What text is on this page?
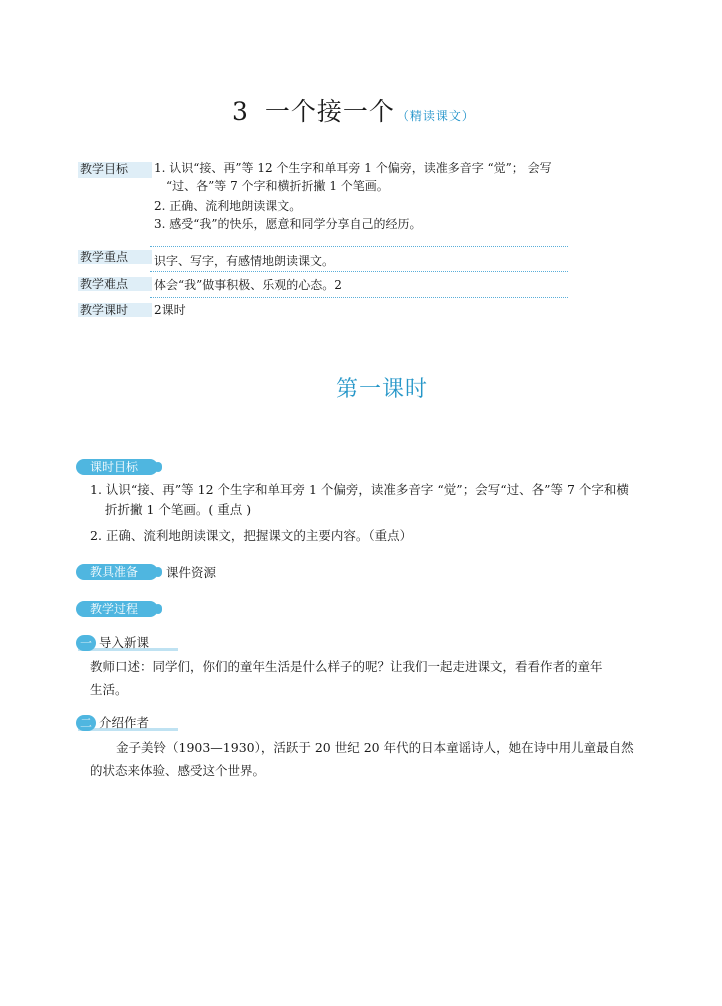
3 一个接一个 （精读课文）
教学目标	1. 认识“接、再”等 12 个生字和单耳旁 1 个偏旁，读准多音字 “觉”； 会写
“过、各”等 7 个字和横折折撇 1 个笔画。
2. 正确、流利地朗读课文。
3. 感受“我”的快乐，愿意和同学分享自己的经历。
教学重点	识字、写字，有感情地朗读课文。
教学难点	体会“我”做事积极、乐观的心态。2
教学课时	2课时
第一课时
课时目标
1. 认识“接、再”等 12 个生字和单耳旁 1 个偏旁，读准多音字 “觉”；会写“过、各”等 7 个字和横
折折撇 1 个笔画。( 重点 )
2. 正确、流利地朗读课文，把握课文的主要内容。（重点）
教具准备	课件资源
教学过程
一 导入新课
教师口述：同学们，你们的童年生活是什么样子的呢？让我们一起走进课文，看看作者的童年
生活。
二 介绍作者
金子美铃（1903—1930），活跃于 20 世纪 20 年代的日本童谣诗人，她在诗中用儿童最自然
的状态来体验、感受这个世界。
